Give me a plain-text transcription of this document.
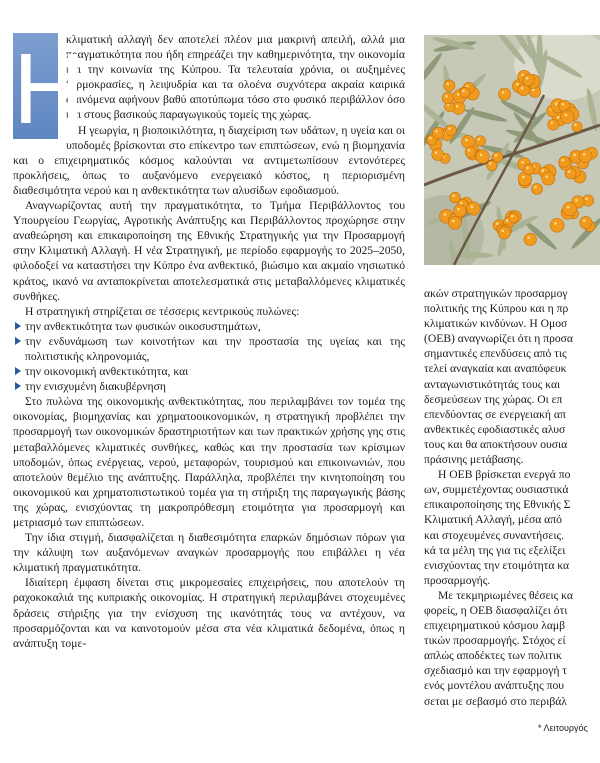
Η

κλιματική αλλαγή δεν αποτελεί πλέον μια μακρινή απειλή, αλλά μια πραγματικότητα που ήδη επηρεάζει την καθημερινότητα, την οικονομία και την κοινωνία της Κύπρου. Τα τελευταία χρόνια, οι αυξημένες θερμοκρασίες, η λειψυδρία και τα ολοένα συχνότερα ακραία καιρικά φαινόμενα αφήνουν βαθύ αποτύπωμα τόσο στο φυσικό περιβάλλον όσο και στους βασικούς παραγωγικούς τομείς της χώρας.

Η γεωργία, η βιοποικιλότητα, η διαχείριση των υδάτων, η υγεία και οι υποδομές βρίσκονται στο επίκεντρο των επιπτώσεων, ενώ η βιομηχανία και ο επιχειρηματικός κόσμος καλούνται να αντιμετωπίσουν εντονότερες προκλήσεις, όπως το αυξανόμενο ενεργειακό κόστος, η περιορισμένη διαθεσιμότητα νερού και η ανθεκτικότητα των αλυσίδων εφοδιασμού.

Αναγνωρίζοντας αυτή την πραγματικότητα, το Τμήμα Περιβάλλοντος του Υπουργείου Γεωργίας, Αγροτικής Ανάπτυξης και Περιβάλλοντος προχώρησε στην αναθεώρηση και επικαιροποίηση της Εθνικής Στρατηγικής για την Προσαρμογή στην Κλιματική Αλλαγή. Η νέα Στρατηγική, με περίοδο εφαρμογής το 2025–2050, φιλοδοξεί να καταστήσει την Κύπρο ένα ανθεκτικό, βιώσιμο και ακμαίο νησιωτικό κράτος, ικανό να ανταποκρίνεται αποτελεσματικά στις μεταβαλλόμενες κλιματικές συνθήκες.

Η στρατηγική στηρίζεται σε τέσσερις κεντρικούς πυλώνες:

την ανθεκτικότητα των φυσικών οικοσυστημάτων,
την ενδυνάμωση των κοινοτήτων και την προστασία της υγείας και της πολιτιστικής κληρονομιάς,
την οικονομική ανθεκτικότητα, και
την ενισχυμένη διακυβέρνηση

Στο πυλώνα της οικονομικής ανθεκτικότητας, που περιλαμβάνει τον τομέα της οικονομίας, βιομηχανίας και χρηματοοικονομικών, η στρατηγική προβλέπει την προσαρμογή των οικονομικών δραστηριοτήτων και των πρακτικών χρήσης γης στις μεταβαλλόμενες κλιματικές συνθήκες, καθώς και την προστασία των κρίσιμων υποδομών, όπως ενέργειας, νερού, μεταφορών, τουρισμού και επικοινωνιών, που αποτελούν θεμέλιο της ανάπτυξης. Παράλληλα, προβλέπει την κινητοποίηση του οικονομικού και χρηματοπιστωτικού τομέα για τη στήριξη της παραγωγικής βάσης της χώρας, ενισχύοντας τη μακροπρόθεσμη ετοιμότητα για προσαρμογή και μετριασμό των επιπτώσεων.

Την ίδια στιγμή, διασφαλίζεται η διαθεσιμότητα επαρκών δημόσιων πόρων για την κάλυψη των αυξανόμενων αναγκών προσαρμογής που επιβάλλει η νέα κλιματική πραγματικότητα.

Ιδιαίτερη έμφαση δίνεται στις μικρομεσαίες επιχειρήσεις, που αποτελούν τη ραχοκοκαλιά της κυπριακής οικονομίας. Η στρατηγική περιλαμβάνει στοχευμένες δράσεις στήριξης για την ενίσχυση της ικανότητάς τους να αντέχουν, να προσαρμόζονται και να καινοτομούν μέσα στα νέα κλιματικά δεδομένα, όπως η ανάπτυξη τομε-

ακών στρατηγικών προσαρμογ
πολιτικής της Κύπρου και η πρ
κλιματικών κινδύνων. Η Ομοσ
(ΟΕΒ) αναγνωρίζει ότι η προσα
σημαντικές επενδύσεις από τις
τελεί αναγκαία και αναπόφευκ
ανταγωνιστικότητάς τους και
δεσμεύσεων της χώρας. Οι επ
επενδύοντας σε ενεργειακή απ
ανθεκτικές εφοδιαστικές αλυσ
τους και θα αποκτήσουν ουσια
πράσινης μετάβασης.
Η ΟΕΒ βρίσκεται ενεργά πο
ων, συμμετέχοντας ουσιαστικά
επικαιροποίησης της Εθνικής Σ
Κλιματική Αλλαγή, μέσα από
και στοχευμένες συναντήσεις.
κά τα μέλη της για τις εξελίξει
ενισχύοντας την ετοιμότητα κα
προσαρμογής.
Με τεκμηριωμένες θέσεις κα
φορείς, η ΟΕΒ διασφαλίζει ότι
επιχειρηματικού κόσμου λαμβ
τικών προσαρμογής. Στόχος εί
απλώς αποδέκτες των πολιτικ
σχεδιασμό και την εφαρμογή τ
ενός μοντέλου ανάπτυξης που
σεται με σεβασμό στο περιβάλ
* Λειτουργός
